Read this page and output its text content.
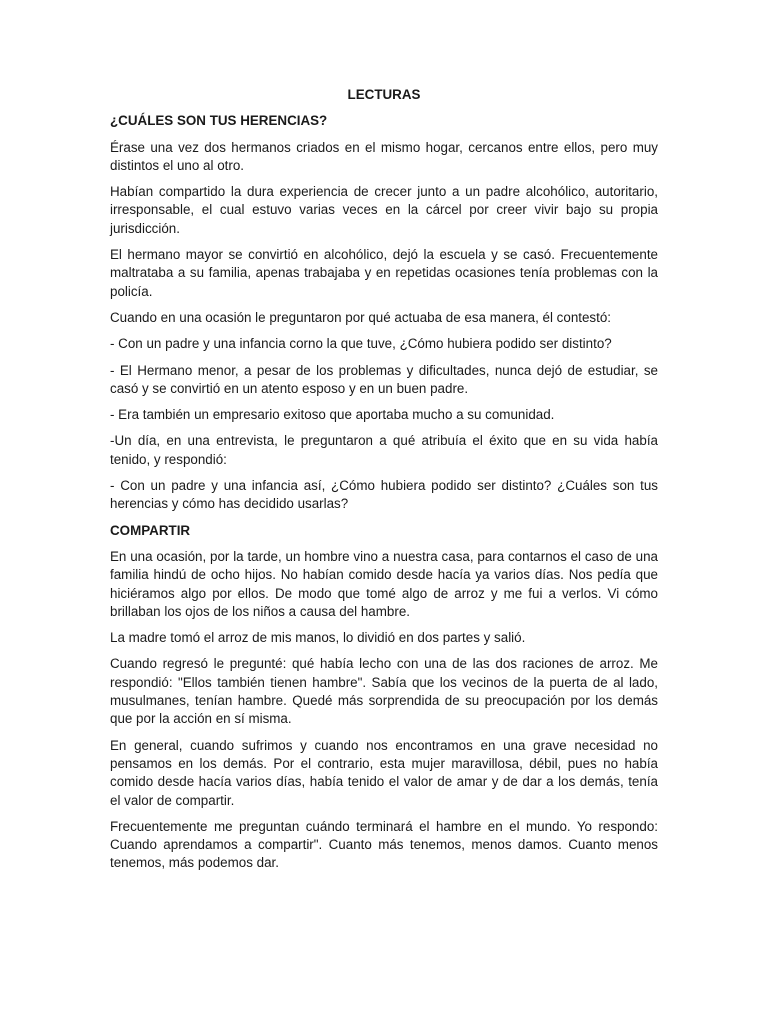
LECTURAS
¿CUÁLES SON TUS HERENCIAS?

Érase una vez dos hermanos criados en el mismo hogar, cercanos entre ellos, pero muy distintos el uno al otro.

Habían compartido la dura experiencia de crecer junto a un padre alcohólico, autoritario, irresponsable, el cual estuvo varias veces en la cárcel por creer vivir bajo su propia jurisdicción.

El hermano mayor se convirtió en alcohólico, dejó la escuela y se casó. Frecuentemente maltrataba a su familia, apenas trabajaba y en repetidas ocasiones tenía problemas con la policía.

Cuando en una ocasión le preguntaron por qué actuaba de esa manera, él contestó:

- Con un padre y una infancia corno la que tuve, ¿Cómo hubiera podido ser distinto?

- El Hermano menor, a pesar de los problemas y dificultades, nunca dejó de estudiar, se casó y se convirtió en un atento esposo y en un buen padre.

- Era también un empresario exitoso que aportaba mucho a su comunidad.

-Un día, en una entrevista, le preguntaron a qué atribuía el éxito que en su vida había tenido, y respondió:

- Con un padre y una infancia así, ¿Cómo hubiera podido ser distinto? ¿Cuáles son tus herencias y cómo has decidido usarlas?

COMPARTIR

En una ocasión, por la tarde, un hombre vino a nuestra casa, para contarnos el caso de una familia hindú de ocho hijos. No habían comido desde hacía ya varios días. Nos pedía que hiciéramos algo por ellos. De modo que tomé algo de arroz y me fui a verlos. Vi cómo brillaban los ojos de los niños a causa del hambre.

La madre tomó el arroz de mis manos, lo dividió en dos partes y salió.

Cuando regresó le pregunté: qué había lecho con una de las dos raciones de arroz. Me respondió: "Ellos también tienen hambre". Sabía que los vecinos de la puerta de al lado, musulmanes, tenían hambre. Quedé más sorprendida de su preocupación por los demás que por la acción en sí misma.

En general, cuando sufrimos y cuando nos encontramos en una grave necesidad no pensamos en los demás. Por el contrario, esta mujer maravillosa, débil, pues no había comido desde hacía varios días, había tenido el valor de amar y de dar a los demás, tenía el valor de compartir.

Frecuentemente me preguntan cuándo terminará el hambre en el mundo. Yo respondo: Cuando aprendamos a compartir". Cuanto más tenemos, menos damos. Cuanto menos tenemos, más podemos dar.
